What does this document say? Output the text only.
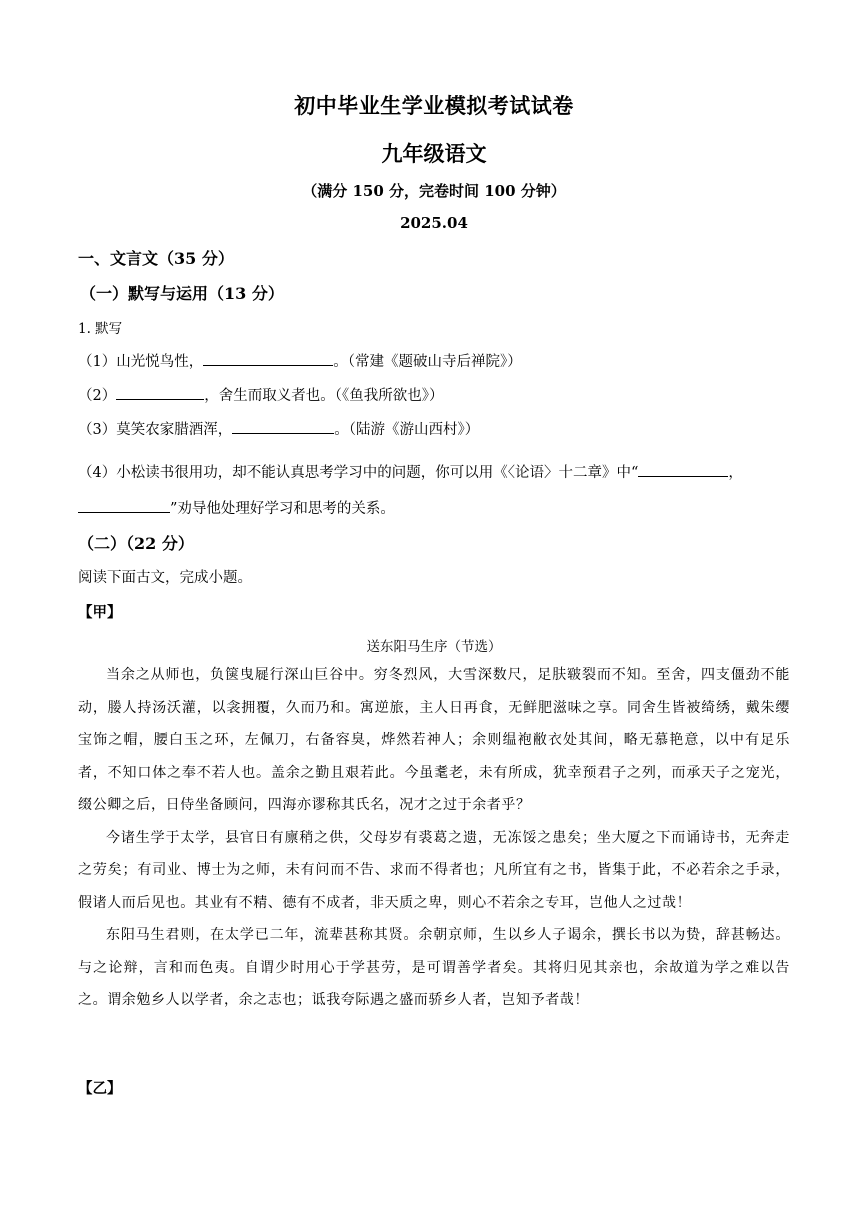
初中毕业生学业模拟考试试卷
九年级语文
（满分 150 分，完卷时间 100 分钟）
2025.04
一、文言文（35 分）
（一）默写与运用（13 分）
1. 默写
（1）山光悦鸟性，	。（常建《题破山寺后禅院》）
（2）	，舍生而取义者也。（《鱼我所欲也》）
（3）莫笑农家腊酒浑，	。（陆游《游山西村》）
（4）小松读书很用功，却不能认真思考学习中的问题，你可以用《〈论语〉十二章》中“	，
”劝导他处理好学习和思考的关系。
（二）（22 分）
阅读下面古文，完成小题。
【甲】
送东阳马生序（节选）

当余之从师也，负箧曳屣行深山巨谷中。穷冬烈风，大雪深数尺，足肤皲裂而不知。至舍，四支僵劲不能动，媵人持汤沃灌，以衾拥覆，久而乃和。寓逆旅，主人日再食，无鲜肥滋味之享。同舍生皆被绮绣，戴朱缨宝饰之帽，腰白玉之环，左佩刀，右备容臭，烨然若神人；余则缊袍敝衣处其间，略无慕艳意，以中有足乐者，不知口体之奉不若人也。盖余之勤且艰若此。今虽耄老，未有所成，犹幸预君子之列，而承天子之宠光，缀公卿之后，日侍坐备顾问，四海亦谬称其氏名，况才之过于余者乎？

今诸生学于太学，县官日有廪稍之供，父母岁有裘葛之遗，无冻馁之患矣；坐大厦之下而诵诗书，无奔走之劳矣；有司业、博士为之师，未有问而不告、求而不得者也；凡所宜有之书，皆集于此，不必若余之手录，假诸人而后见也。其业有不精、德有不成者，非天质之卑，则心不若余之专耳，岂他人之过哉！

东阳马生君则，在太学已二年，流辈甚称其贤。余朝京师，生以乡人子谒余，撰长书以为贽，辞甚畅达。与之论辩，言和而色夷。自谓少时用心于学甚劳，是可谓善学者矣。其将归见其亲也，余故道为学之难以告之。谓余勉乡人以学者，余之志也；诋我夸际遇之盛而骄乡人者，岂知予者哉！

【乙】
